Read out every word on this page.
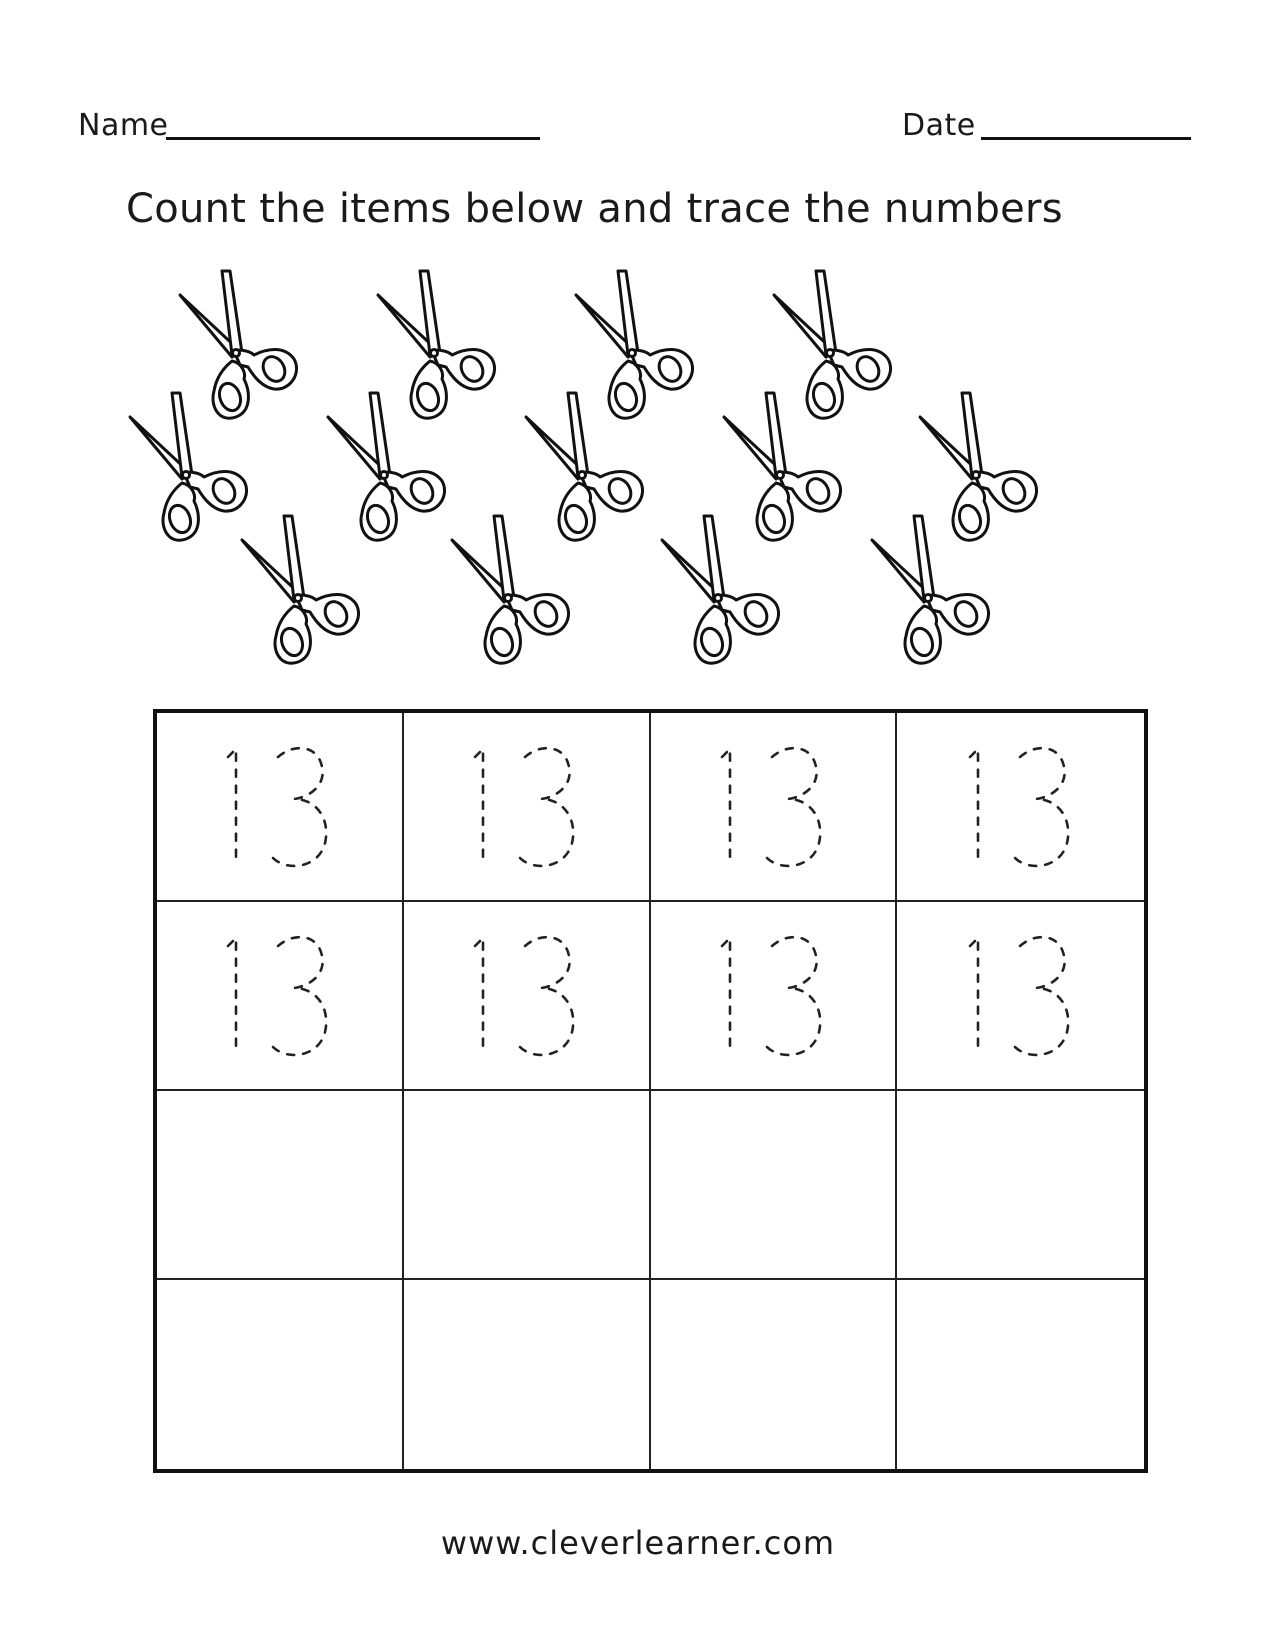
Name	Date
Count the items below and trace the numbers
www.cleverlearner.com
